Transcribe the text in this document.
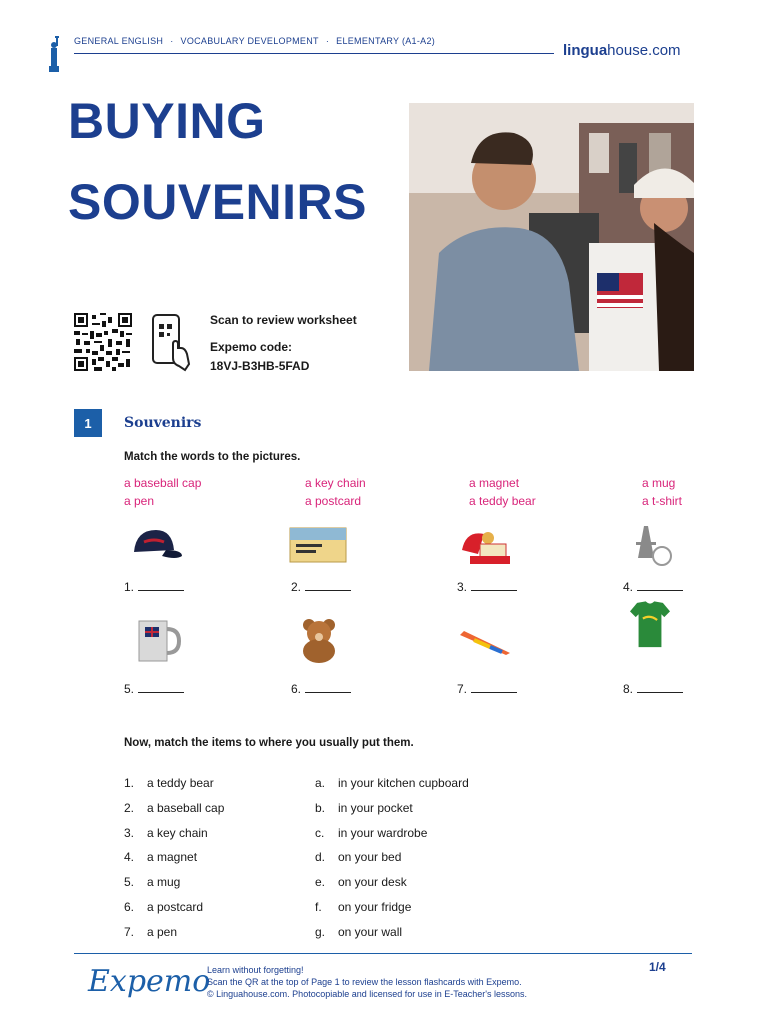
GENERAL ENGLISH · VOCABULARY DEVELOPMENT · ELEMENTARY (A1-A2)
linguahouse.com
BUYING
SOUVENIRS
Scan to review worksheet
Expemo code:
18VJ-B3HB-5FAD
1	Souvenirs
Match the words to the pictures.
a baseball cap	a key chain	a magnet	a mug
a pen	a postcard	a teddy bear	a t-shirt
1.	2.	3.	4.
5.	6.	7.	8.
Now, match the items to where you usually put them.
1. a teddy bear	a. in your kitchen cupboard
2. a baseball cap	b. in your pocket
3. a key chain	c. in your wardrobe
4. a magnet	d. on your bed
5. a mug	e. on your desk
6. a postcard	f. on your fridge
7. a pen	g. on your wall
Expemo
Learn without forgetting!
Scan the QR at the top of Page 1 to review the lesson flashcards with Expemo.
© Linguahouse.com. Photocopiable and licensed for use in E-Teacher's lessons.
1/4
